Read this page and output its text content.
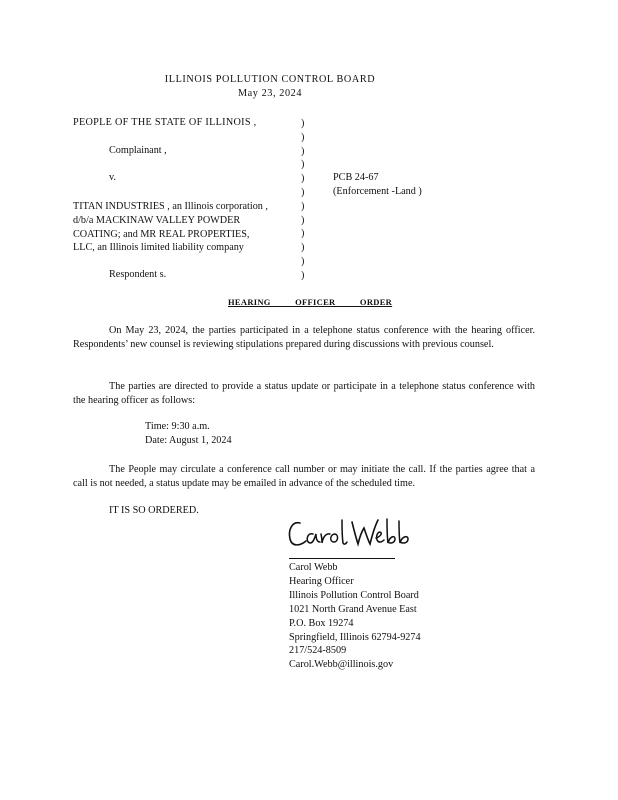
ILLINOIS POLLUTION CONTROL BOARD
May 23, 2024
PEOPLE OF THE STATE OF ILLINOIS ,
Complainant ,
v.
TITAN INDUSTRIES , an Illinois corporation ,
d/b/a MACKINAW VALLEY POWDER
COATING; and MR REAL PROPERTIES,
LLC, an Illinois limited liability company
Respondent s.
)
)
)
)
)
)
)
)
)
)
)
)
PCB 24-67
(Enforcement -Land )
HEARING OFFICER ORDER
On May 23, 2024, the parties participated in a telephone status conference with the hearing officer. Respondents’ new counsel is reviewing stipulations prepared during discussions with previous counsel.
The parties are directed to provide a status update or participate in a telephone status conference with the hearing officer as follows:
Time: 9:30 a.m.
Date: August 1, 2024
The People may circulate a conference call number or may initiate the call. If the parties agree that a call is not needed, a status update may be emailed in advance of the scheduled time.
IT IS SO ORDERED.
Carol Webb
Hearing Officer
Illinois Pollution Control Board
1021 North Grand Avenue East
P.O. Box 19274
Springfield, Illinois 62794-9274
217/524-8509
Carol.Webb@illinois.gov
